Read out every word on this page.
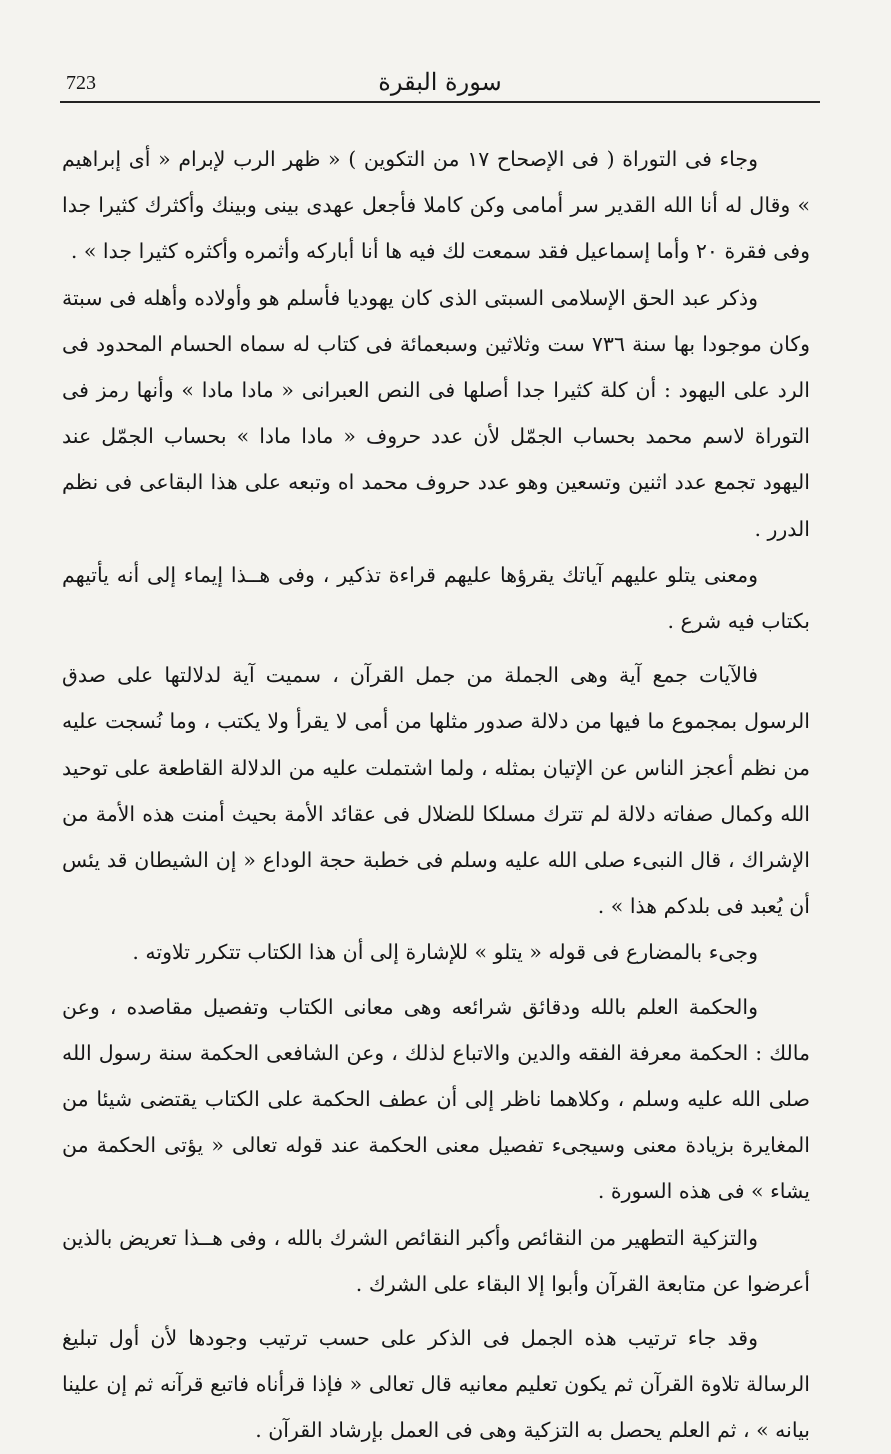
723	سورة البقرة

وجاء فى التوراة ( فى الإصحاح ١٧ من التكوين ) « ظهر الرب لإبرام « أى إبراهيم » وقال له أنا الله القدير سر أمامى وكن كاملا فأجعل عهدى بينى وبينك وأكثرك كثيرا جدا وفى فقرة ٢٠ وأما إسماعيل فقد سمعت لك فيه ها أنا أباركه وأثمره وأكثره كثيرا جدا » .

وذكر عبد الحق الإسلامى السبتى الذى كان يهوديا فأسلم هو وأولاده وأهله فى سبتة وكان موجودا بها سنة ٧٣٦ ست وثلاثين وسبعمائة فى كتاب له سماه الحسام المحدود فى الرد على اليهود : أن كلة كثيرا جدا أصلها فى النص العبرانى « مادا مادا » وأنها رمز فى التوراة لاسم محمد بحساب الجمّل لأن عدد حروف « مادا مادا » بحساب الجمّل عند اليهود تجمع عدد اثنين وتسعين وهو عدد حروف محمد اه وتبعه على هذا البقاعى فى نظم الدرر .

ومعنى يتلو عليهم آياتك يقرؤها عليهم قراءة تذكير ، وفى هــذا إيماء إلى أنه يأتيهم بكتاب فيه شرع .

فالآيات جمع آية وهى الجملة من جمل القرآن ، سميت آية لدلالتها على صدق الرسول بمجموع ما فيها من دلالة صدور مثلها من أمى لا يقرأ ولا يكتب ، وما نُسجت عليه من نظم أعجز الناس عن الإتيان بمثله ، ولما اشتملت عليه من الدلالة القاطعة على توحيد الله وكمال صفاته دلالة لم تترك مسلكا للضلال فى عقائد الأمة بحيث أمنت هذه الأمة من الإشراك ، قال النبىء صلى الله عليه وسلم فى خطبة حجة الوداع « إن الشيطان قد يئس أن يُعبد فى بلدكم هذا » .

وجىء بالمضارع فى قوله « يتلو » للإشارة إلى أن هذا الكتاب تتكرر تلاوته .

والحكمة العلم بالله ودقائق شرائعه وهى معانى الكتاب وتفصيل مقاصده ، وعن مالك : الحكمة معرفة الفقه والدين والاتباع لذلك ، وعن الشافعى الحكمة سنة رسول الله صلى الله عليه وسلم ، وكلاهما ناظر إلى أن عطف الحكمة على الكتاب يقتضى شيئا من المغايرة بزيادة معنى وسيجىء تفصيل معنى الحكمة عند قوله تعالى « يؤتى الحكمة من يشاء » فى هذه السورة .

والتزكية التطهير من النقائص وأكبر النقائص الشرك بالله ، وفى هــذا تعريض بالذين أعرضوا عن متابعة القرآن وأبوا إلا البقاء على الشرك .

وقد جاء ترتيب هذه الجمل فى الذكر على حسب ترتيب وجودها لأن أول تبليغ الرسالة تلاوة القرآن ثم يكون تعليم معانيه قال تعالى « فإذا قرأناه فاتبع قرآنه ثم إن علينا بيانه » ، ثم العلم يحصل به التزكية وهى فى العمل بإرشاد القرآن .
